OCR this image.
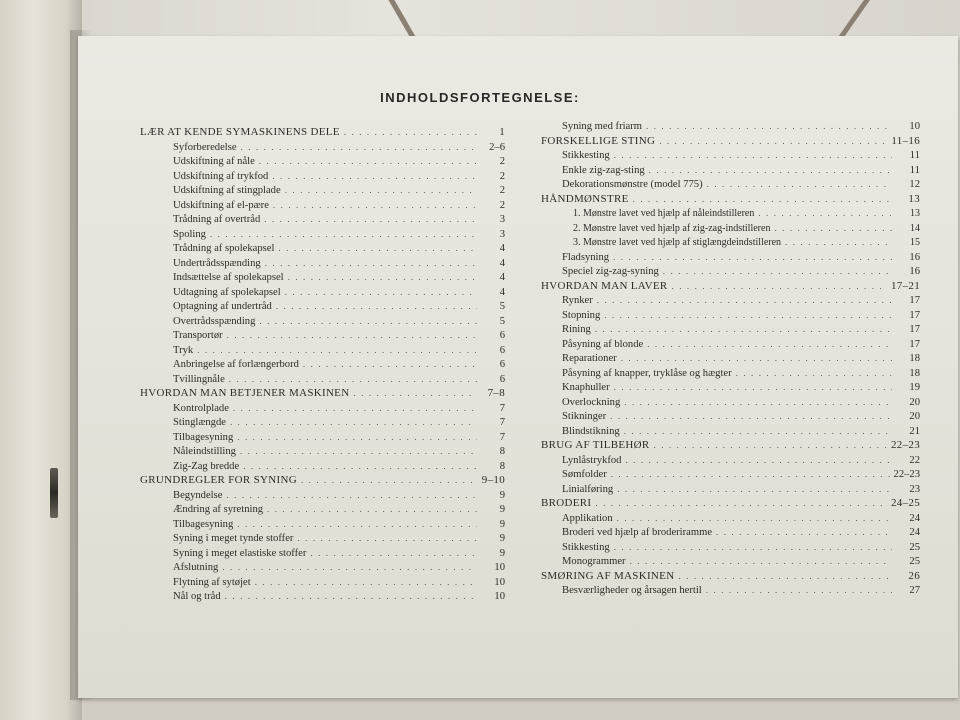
INDHOLDSFORTEGNELSE:
LÆR AT KENDE SYMASKINENS DELE . . .	1
Syforberedelse . . .	2–6
Udskiftning af nåle . . .	2
Udskiftning af trykfod . . .	2
Udskiftning af stingplade . . .	2
Udskiftning af el-pære . . .	2
Trådning af overtråd . . .	3
Spoling . . .	3
Trådning af spolekapsel . . .	4
Undertrådsspænding . . .	4
Indsættelse af spolekapsel . . .	4
Udtagning af spolekapsel . . .	4
Optagning af undertråd . . .	5
Overtrådsspænding . . .	5
Transportør . . .	6
Tryk . . .	6
Anbringelse af forlængerbord . . .	6
Tvillingnåle . . .	6
HVORDAN MAN BETJENER MASKINEN . . .	7–8
Kontrolplade . . .	7
Stinglængde . . .	7
Tilbagesyning . . .	7
Nåleindstilling . . .	8
Zig-Zag bredde . . .	8
GRUNDREGLER FOR SYNING . . .	9–10
Begyndelse . . .	9
Ændring af syretning . . .	9
Tilbagesyning . . .	9
Syning i meget tynde stoffer . . .	9
Syning i meget elastiske stoffer . . .	9
Afslutning . . .	10
Flytning af sytøjet . . .	10
Nål og tråd . . .	10
Syning med friarm . . .	10
FORSKELLIGE STING . . .	11–16
Stikkesting . . .	11
Enkle zig-zag-sting . . .	11
Dekorationsmønstre (model 775) . . .	12
HÅNDMØNSTRE . . .	13
1. Mønstre lavet ved hjælp af nåleindstilleren . . .	13
2. Mønstre lavet ved hjælp af zig-zag-indstilleren . . .	14
3. Mønstre lavet ved hjælp af stiglængdeindstilleren . . .	15
Fladsyning . . .	16
Speciel zig-zag-syning . . .	16
HVORDAN MAN LAVER . . .	17–21
Rynker . . .	17
Stopning . . .	17
Rining . . .	17
Påsyning af blonde . . .	17
Reparationer . . .	18
Påsyning af knapper, tryklåse og hægter . . .	18
Knaphuller . . .	19
Overlockning . . .	20
Stikninger . . .	20
Blindstikning . . .	21
BRUG AF TILBEHØR . . .	22–23
Lynlåstrykfod . . .	22
Sømfolder . . .	22–23
Linialføring . . .	23
BRODERI . . .	24–25
Applikation . . .	24
Broderi ved hjælp af broderiramme . . .	24
Stikkesting . . .	25
Monogrammer . . .	25
SMØRING AF MASKINEN . . .	26
Besværligheder og årsagen hertil . . .	27
